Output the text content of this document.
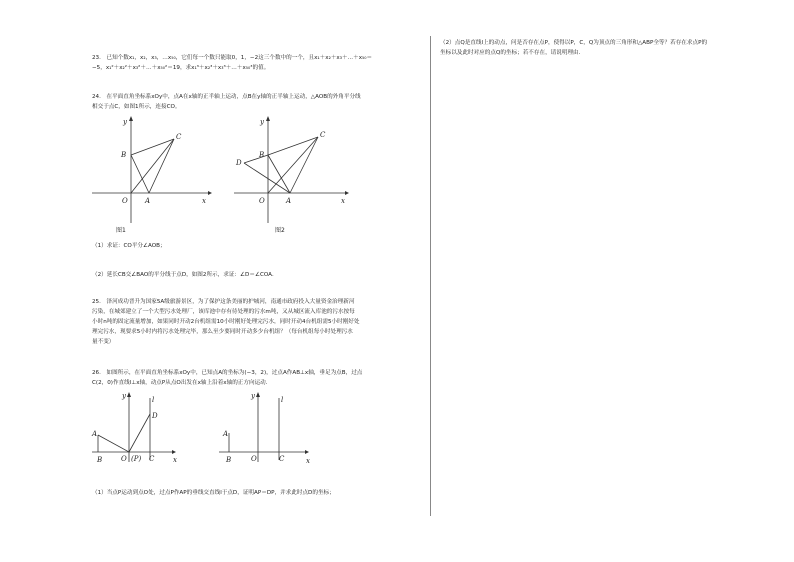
23.　已知个数x₁，x₂，x₃，…x₅₀，它们每一个数只能取0，1，−2这三个数中的一个，且x₁＋x₂＋x₃＋…＋x₅₀＝
−5，x₁²＋x₂²＋x₃²＋…＋x₅₀²＝19，求x₁³＋x₂³＋x₃³＋…＋x₅₀³的值。
24.　在平面直角坐标系xOy中，点A在x轴的正半轴上运动，点B在y轴的正半轴上运动，△AOB的外角平分线
相交于点C，如图1所示，连接CO。
y
x
O A
B
C
图1
y
x
O	A
B
C
D
图2
（1）求证：CO平分∠AOB；
（2）延长CB交∠BAO的平分线于点D，如图2所示，求证：∠D＝∠COA．
25.　泽河成功晋升为国家5A级旅游景区，为了保护这条美丽的护城河，南通市政府投入大量资金治理新河
污染，在城郊建立了一个大型污水处理厂，该库池中存有待处理的污水m吨，又从城区流入库池的污水按每
小时n吨的固定流量增加，如果同时开动2台机组需10小时刚好处理完污水，同时开动4台机组需5小时刚好处
理完污水，现要求5小时内将污水处理完毕，那么至少要同时开动多少台机组？（每台机组每小时处理污水
量不变）
26.　如图所示，在平面直角坐标系xOy中，已知点A的坐标为(−3，2)，过点A作AB⊥x轴，垂足为点B，过点
C(2，0)作直线l⊥x轴，动点P从点O出发在x轴上沿着x轴的正方向运动．
y
x
O (P)
A
B	C
D
l	y
x
O
A
B	C
l
（1）当点P运动到点O处，过点P作AP的垂线交直线l于点D，证明AP＝DP，并求此时点D的坐标；
（2）点Q是直线l上的动点，问是否存在点P，使得以P，C，Q为顶点的三角形和△ABP全等？若存在求点P的
坐标以及此时对应的点Q的坐标；若不存在，请说明理由．
